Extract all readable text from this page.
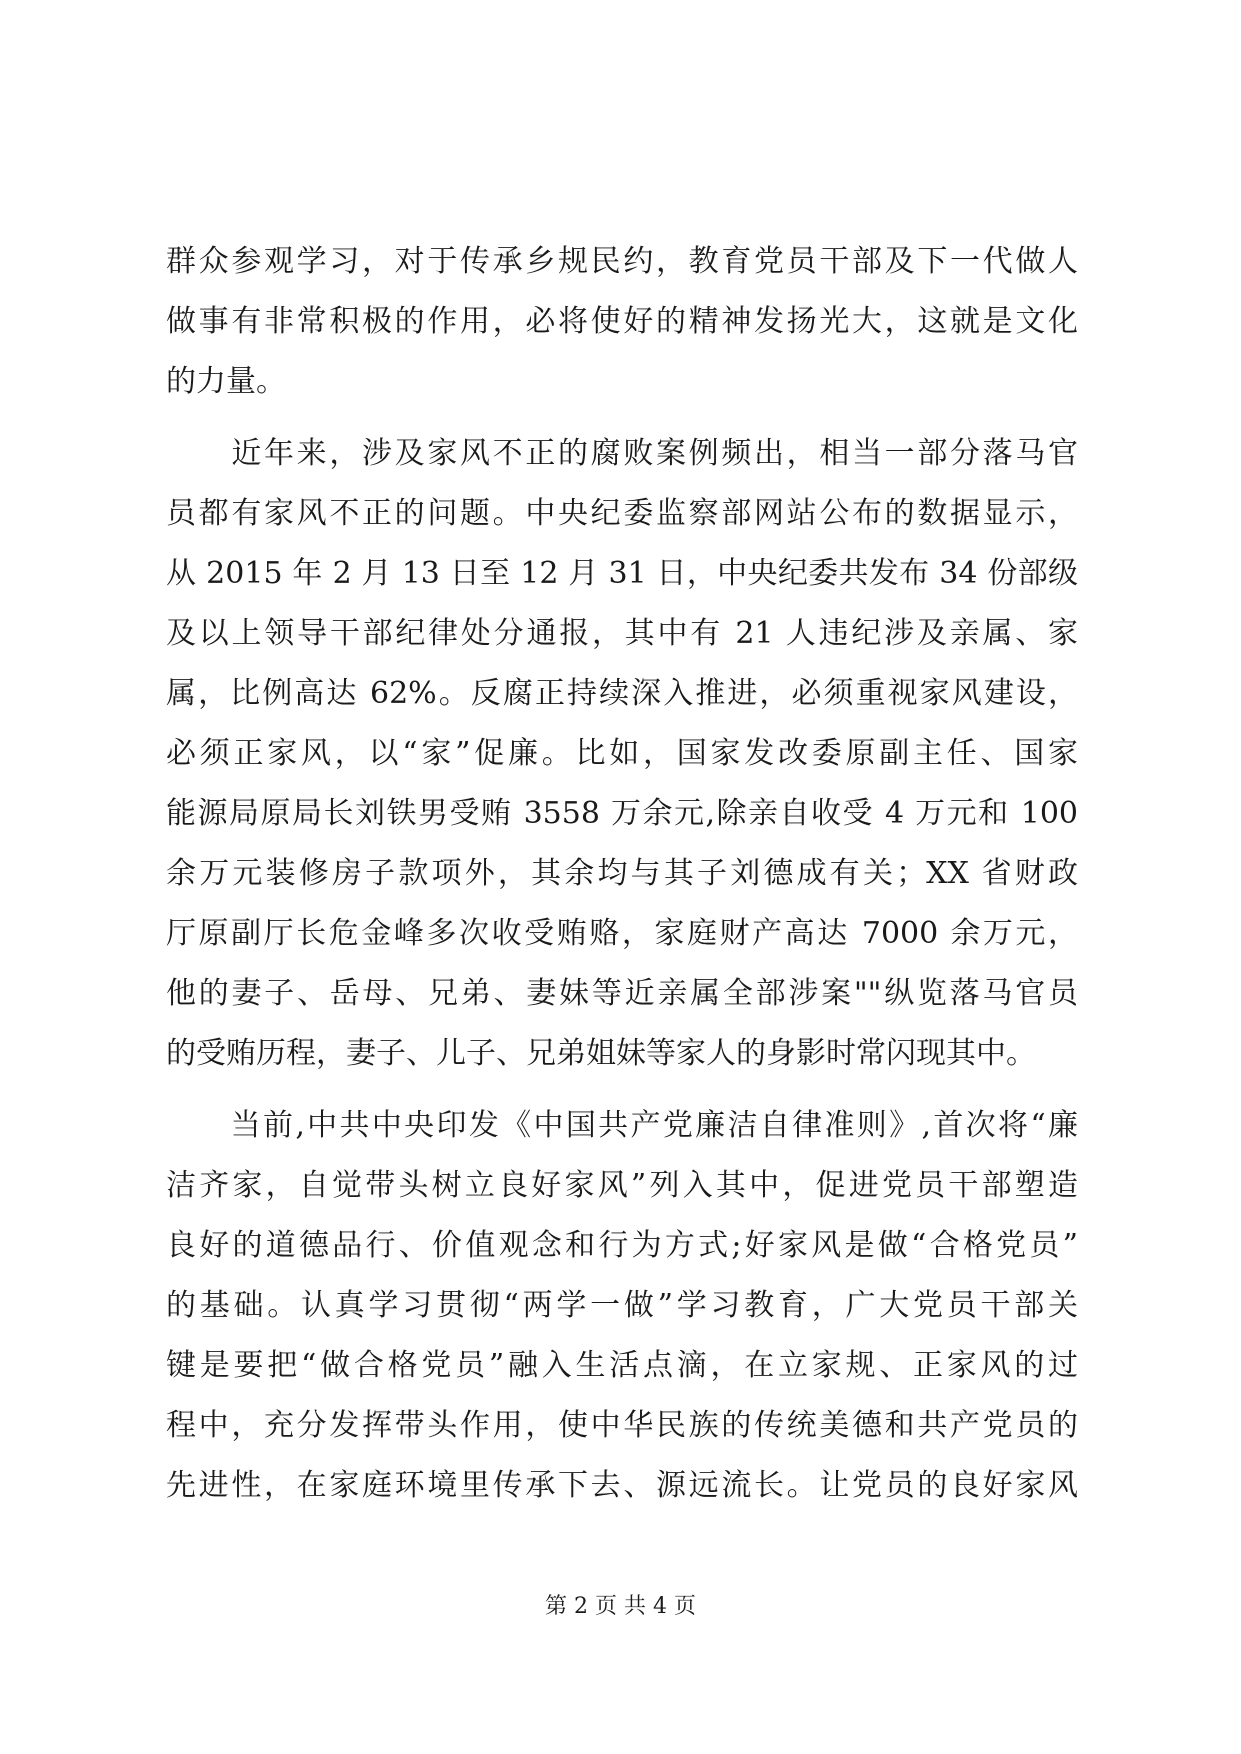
群众参观学习，对于传承乡规民约，教育党员干部及下一代做人
做事有非常积极的作用，必将使好的精神发扬光大，这就是文化
的力量。
　　近年来，涉及家风不正的腐败案例频出，相当一部分落马官
员都有家风不正的问题。中央纪委监察部网站公布的数据显示，
从 2015 年 2 月 13 日至 12 月 31 日，中央纪委共发布 34 份部级
及以上领导干部纪律处分通报，其中有 21 人违纪涉及亲属、家
属，比例高达 62%。反腐正持续深入推进，必须重视家风建设，
必须正家风，以“家”促廉。比如，国家发改委原副主任、国家
能源局原局长刘铁男受贿 3558 万余元,除亲自收受 4 万元和 100
余万元装修房子款项外，其余均与其子刘德成有关；XX 省财政
厅原副厅长危金峰多次收受贿赂，家庭财产高达 7000 余万元，
他的妻子、岳母、兄弟、妻妹等近亲属全部涉案""纵览落马官员
的受贿历程，妻子、儿子、兄弟姐妹等家人的身影时常闪现其中。
　　当前,中共中央印发《中国共产党廉洁自律准则》,首次将“廉
洁齐家，自觉带头树立良好家风”列入其中，促进党员干部塑造
良好的道德品行、价值观念和行为方式;好家风是做“合格党员”
的基础。认真学习贯彻“两学一做”学习教育，广大党员干部关
键是要把“做合格党员”融入生活点滴，在立家规、正家风的过
程中，充分发挥带头作用，使中华民族的传统美德和共产党员的
先进性，在家庭环境里传承下去、源远流长。让党员的良好家风
第 2 页 共 4 页
